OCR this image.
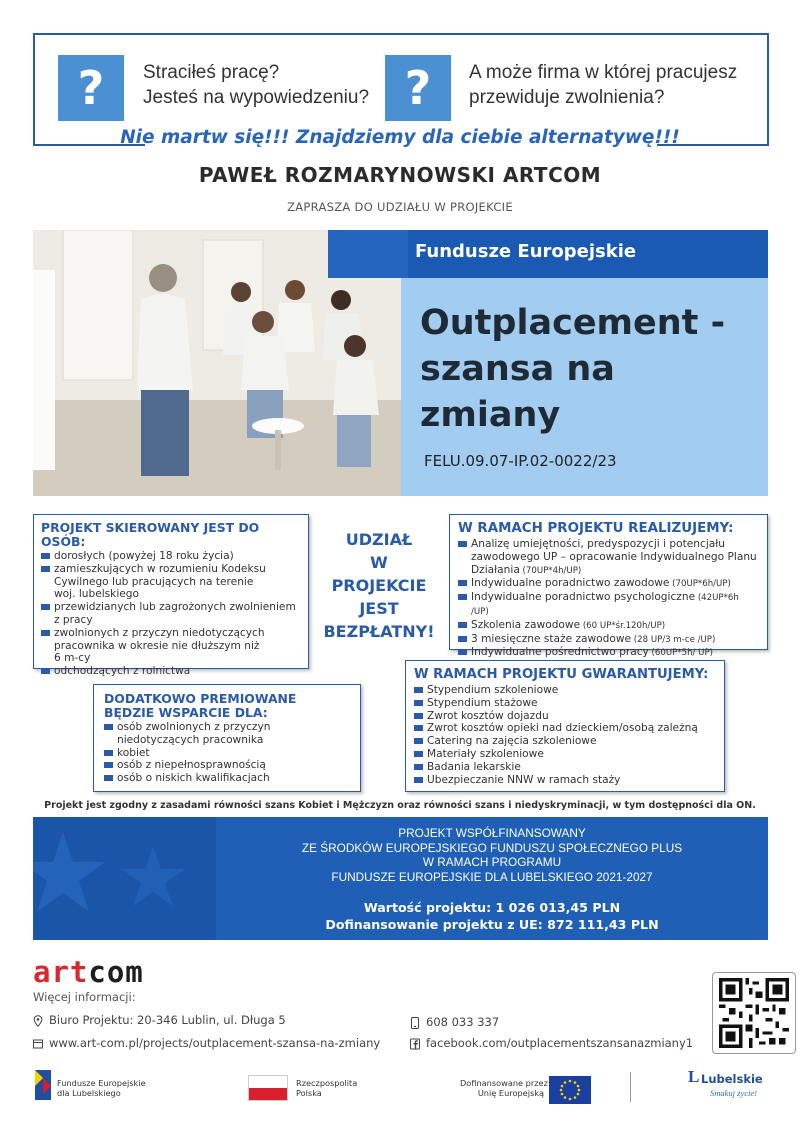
?	Straciłeś pracę?
Jesteś na wypowiedzeniu? ?	A może firma w której pracujesz
przewiduje zwolnienia?
Nie martw się!!! Znajdziemy dla ciebie alternatywę!!!
PAWEŁ ROZMARYNOWSKI ARTCOM
ZAPRASZA DO UDZIAŁU W PROJEKCIE
Fundusze Europejskie
Outplacement -
szansa na
zmiany
FELU.09.07-IP.02-0022/23
PROJEKT SKIEROWANY JEST DO OSÓB:
dorosłych (powyżej 18 roku życia)
zamieszkujących w rozumieniu Kodeksu
Cywilnego lub pracujących na terenie
woj. lubelskiego
przewidzianych lub zagrożonych zwolnieniem
z pracy
zwolnionych z przyczyn niedotyczących
pracownika w okresie nie dłuższym niż
6 m-cy
odchodzących z rolnictwa
UDZIAŁ
W
PROJEKCIE
JEST
BEZPŁATNY!
W RAMACH PROJEKTU REALIZUJEMY:
Analizę umiejętności, predyspozycji i potencjału zawodowego UP – opracowanie Indywidualnego Planu Działania (70UP*4h/UP)
Indywidualne poradnictwo zawodowe (70UP*6h/UP)
Indywidualne poradnictwo psychologiczne (42UP*6h /UP)
Szkolenia zawodowe (60 UP*śr.120h/UP)
3 miesięczne staże zawodowe (28 UP/3 m-ce /UP)
Indywidualne pośrednictwo pracy (60UP*5h/ UP)
DODATKOWO PREMIOWANE
BĘDZIE WSPARCIE DLA:
osób zwolnionych z przyczyn niedotyczących pracownika
kobiet
osób z niepełnosprawnością
osób o niskich kwalifikacjach
W RAMACH PROJEKTU GWARANTUJEMY:
Stypendium szkoleniowe
Stypendium stażowe
Zwrot kosztów dojazdu
Zwrot kosztów opieki nad dzieckiem/osobą zależną
Catering na zajęcia szkoleniowe
Materiały szkoleniowe
Badania lekarskie
Ubezpieczanie NNW w ramach staży
Projekt jest zgodny z zasadami równości szans Kobiet i Mężczyzn oraz równości szans i niedyskryminacji, w tym dostępności dla ON.
PROJEKT WSPÓŁFINANSOWANY
ZE ŚRODKÓW EUROPEJSKIEGO FUNDUSZU SPOŁECZNEGO PLUS
W RAMACH PROGRAMU
FUNDUSZE EUROPEJSKIE DLA LUBELSKIEGO 2021-2027
Wartość projektu: 1 026 013,45 PLN
Dofinansowanie projektu z UE: 872 111,43 PLN
artcom
Więcej informacji:
Biuro Projektu: 20-346 Lublin, ul. Długa 5
www.art-com.pl/projects/outplacement-szansa-na-zmiany
608 033 337
facebook.com/outplacementszansanazmiany1
Fundusze Europejskie
dla Lubelskiego
Rzeczpospolita
Polska
Dofinansowane przez
Unię Europejską
L Lubelskie
Smakuj życie!
